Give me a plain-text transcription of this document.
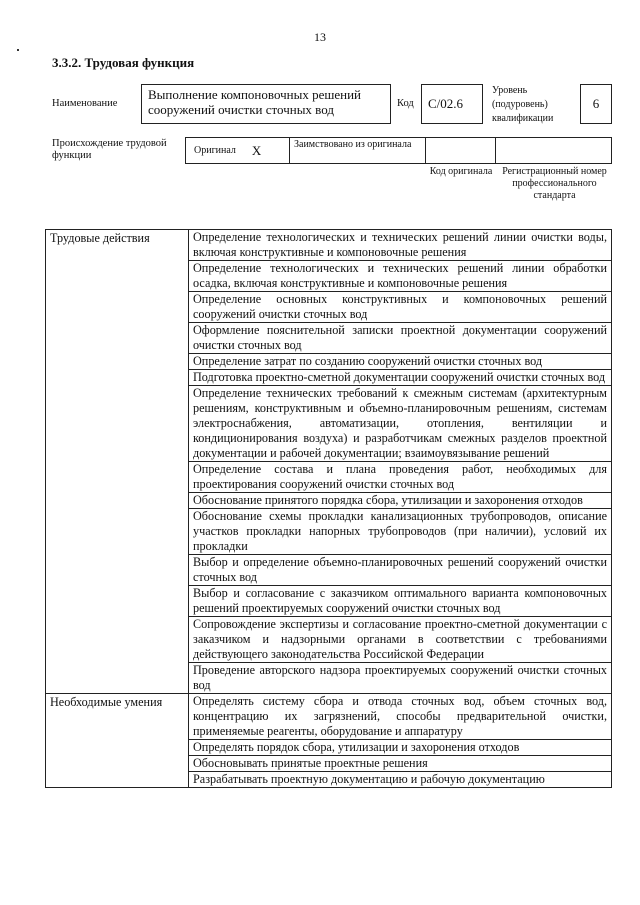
13
3.3.2. Трудовая функция
Наименование
Выполнение компоновочных решений сооружений очистки сточных вод	Код	C/02.6
Уровень (подуровень) квалификации
6
Происхождение трудовой функции	Оригинал X	Заимствовано из оригинала
Код оригинала Регистрационный номер профессионального стандарта
Трудовые действия	Определение технологических и технических решений линии очистки воды, включая конструктивные и компоновочные решения
	Определение технологических и технических решений линии обработки осадка, включая конструктивные и компоновочные решения
	Определение основных конструктивных и компоновочных решений сооружений очистки сточных вод
	Оформление пояснительной записки проектной документации сооружений очистки сточных вод
	Определение затрат по созданию сооружений очистки сточных вод
	Подготовка проектно-сметной документации сооружений очистки сточных вод
	Определение технических требований к смежным системам (архитектурным решениям, конструктивным и объемно-планировочным решениям, системам электроснабжения, автоматизации, отопления, вентиляции и кондиционирования воздуха) и разработчикам смежных разделов проектной документации и рабочей документации; взаимоувязывание решений
	Определение состава и плана проведения работ, необходимых для проектирования сооружений очистки сточных вод
	Обоснование принятого порядка сбора, утилизации и захоронения отходов
	Обоснование схемы прокладки канализационных трубопроводов, описание участков прокладки напорных трубопроводов (при наличии), условий их прокладки
	Выбор и определение объемно-планировочных решений сооружений очистки сточных вод
	Выбор и согласование с заказчиком оптимального варианта компоновочных решений проектируемых сооружений очистки сточных вод
	Сопровождение экспертизы и согласование проектно-сметной документации с заказчиком и надзорными органами в соответствии с требованиями действующего законодательства Российской Федерации
	Проведение авторского надзора проектируемых сооружений очистки сточных вод
Необходимые умения	Определять систему сбора и отвода сточных вод, объем сточных вод, концентрацию их загрязнений, способы предварительной очистки, применяемые реагенты, оборудование и аппаратуру
	Определять порядок сбора, утилизации и захоронения отходов
	Обосновывать принятые проектные решения
	Разрабатывать проектную документацию и рабочую документацию
